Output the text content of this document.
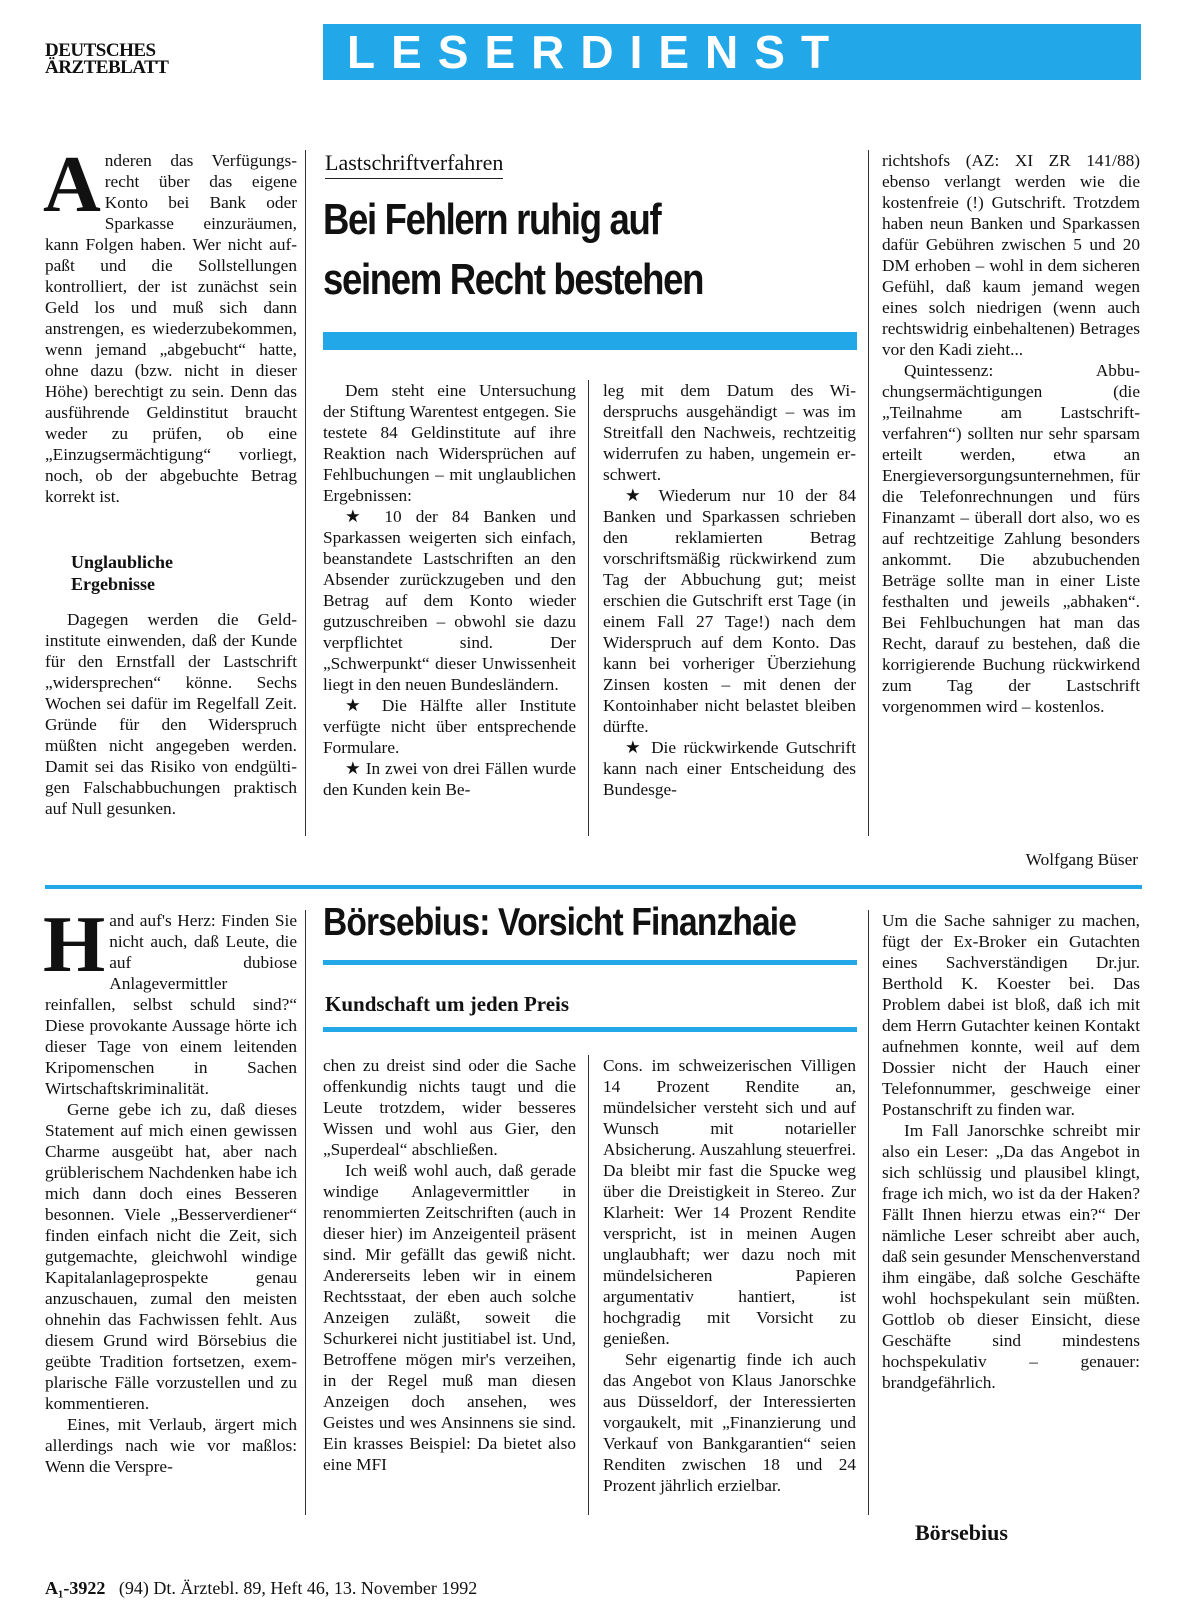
DEUTSCHES
ÄRZTEBLATT	LESERDIENST

Anderen das Verfügungsrecht über das eigene Konto bei Bank oder Sparkasse einzuräumen, kann Folgen haben. Wer nicht aufpaßt und die Sollstellungen kontrolliert, der ist zunächst sein Geld los und muß sich dann anstrengen, es wiederzubekommen, wenn jemand „abgebucht“ hatte, ohne dazu (bzw. nicht in dieser Höhe) berechtigt zu sein. Denn das ausführende Geldinstitut braucht weder zu prüfen, ob eine „Einzugsermächtigung“ vorliegt, noch, ob der abgebuchte Betrag korrekt ist.

Unglaubliche
Ergebnisse

Dagegen werden die Geldinstitute einwenden, daß der Kunde für den Ernstfall der Lastschrift „widersprechen“ könne. Sechs Wochen sei dafür im Regelfall Zeit. Gründe für den Widerspruch müßten nicht angegeben werden. Damit sei das Risiko von endgültigen Falschabbuchungen praktisch auf Null gesunken.

Lastschriftverfahren
Bei Fehlern ruhig auf
seinem Recht bestehen

Dem steht eine Untersuchung der Stiftung Warentest entgegen. Sie testete 84 Geldinstitute auf ihre Reaktion nach Widersprüchen auf Fehlbuchungen – mit unglaublichen Ergebnissen:

★ 10 der 84 Banken und Sparkassen weigerten sich einfach, beanstandete Lastschriften an den Absender zurückzugeben und den Betrag auf dem Konto wieder gutzuschreiben – obwohl sie dazu verpflichtet sind. Der „Schwerpunkt“ dieser Unwissenheit liegt in den neuen Bundesländern.

★ Die Hälfte aller Institute verfügte nicht über entsprechende Formulare.

★ In zwei von drei Fällen wurde den Kunden kein Be-

leg mit dem Datum des Widerspruchs ausgehändigt – was im Streitfall den Nachweis, rechtzeitig widerrufen zu haben, ungemein erschwert.

★ Wiederum nur 10 der 84 Banken und Sparkassen schrieben den reklamierten Betrag vorschriftsmäßig rückwirkend zum Tag der Abbuchung gut; meist erschien die Gutschrift erst Tage (in einem Fall 27 Tage!) nach dem Widerspruch auf dem Konto. Das kann bei vorheriger Überziehung Zinsen kosten – mit denen der Kontoinhaber nicht belastet bleiben dürfte.

★ Die rückwirkende Gutschrift kann nach einer Entscheidung des Bundesge-

richtshofs (AZ: XI ZR 141/88) ebenso verlangt werden wie die kostenfreie (!) Gutschrift. Trotzdem haben neun Banken und Sparkassen dafür Gebühren zwischen 5 und 20 DM erhoben – wohl in dem sicheren Gefühl, daß kaum jemand wegen eines solch niedrigen (wenn auch rechtswidrig einbehaltenen) Betrages vor den Kadi zieht...

Quintessenz: Abbuchungsermächtigungen (die „Teilnahme am Lastschriftverfahren“) sollten nur sehr sparsam erteilt werden, etwa an Energieversorgungsunternehmen, für die Telefonrechnungen und fürs Finanzamt – überall dort also, wo es auf rechtzeitige Zahlung besonders ankommt. Die abzubuchenden Beträge sollte man in einer Liste festhalten und jeweils „abhaken“. Bei Fehlbuchungen hat man das Recht, darauf zu bestehen, daß die korrigierende Buchung rückwirkend zum Tag der Lastschrift vorgenommen wird – kostenlos.

Wolfgang Büser

Hand auf's Herz: Finden Sie nicht auch, daß Leute, die auf dubiose Anlagevermittler reinfallen, selbst schuld sind?“ Diese provokante Aussage hörte ich dieser Tage von einem leitenden Kripomenschen in Sachen Wirtschaftskriminalität.

Gerne gebe ich zu, daß dieses Statement auf mich einen gewissen Charme ausgeübt hat, aber nach grüblerischem Nachdenken habe ich mich dann doch eines Besseren besonnen. Viele „Besserverdiener“ finden einfach nicht die Zeit, sich gutgemachte, gleichwohl windige Kapitalanlageprospekte genau anzuschauen, zumal den meisten ohnehin das Fachwissen fehlt. Aus diesem Grund wird Börsebius die geübte Tradition fortsetzen, exemplarische Fälle vorzustellen und zu kommentieren.

Eines, mit Verlaub, ärgert mich allerdings nach wie vor maßlos: Wenn die Verspre-

Börsebius: Vorsicht Finanzhaie
Kundschaft um jeden Preis

chen zu dreist sind oder die Sache offenkundig nichts taugt und die Leute trotzdem, wider besseres Wissen und wohl aus Gier, den „Superdeal“ abschließen.

Ich weiß wohl auch, daß gerade windige Anlagevermittler in renommierten Zeitschriften (auch in dieser hier) im Anzeigenteil präsent sind. Mir gefällt das gewiß nicht. Andererseits leben wir in einem Rechtsstaat, der eben auch solche Anzeigen zuläßt, soweit die Schurkerei nicht justitiabel ist. Und, Betroffene mögen mir's verzeihen, in der Regel muß man diesen Anzeigen doch ansehen, wes Geistes und wes Ansinnens sie sind. Ein krasses Beispiel: Da bietet also eine MFI

Cons. im schweizerischen Villigen 14 Prozent Rendite an, mündelsicher versteht sich und auf Wunsch mit notarieller Absicherung. Auszahlung steuerfrei. Da bleibt mir fast die Spucke weg über die Dreistigkeit in Stereo. Zur Klarheit: Wer 14 Prozent Rendite verspricht, ist in meinen Augen unglaubhaft; wer dazu noch mit mündelsicheren Papieren argumentativ hantiert, ist hochgradig mit Vorsicht zu genießen.

Sehr eigenartig finde ich auch das Angebot von Klaus Janorschke aus Düsseldorf, der Interessierten vorgaukelt, mit „Finanzierung und Verkauf von Bankgarantien“ seien Renditen zwischen 18 und 24 Prozent jährlich erzielbar.

Um die Sache sahniger zu machen, fügt der Ex-Broker ein Gutachten eines Sachverständigen Dr.jur. Berthold K. Koester bei. Das Problem dabei ist bloß, daß ich mit dem Herrn Gutachter keinen Kontakt aufnehmen konnte, weil auf dem Dossier nicht der Hauch einer Telefonnummer, geschweige einer Postanschrift zu finden war.

Im Fall Janorschke schreibt mir also ein Leser: „Da das Angebot in sich schlüssig und plausibel klingt, frage ich mich, wo ist da der Haken? Fällt Ihnen hierzu etwas ein?“ Der nämliche Leser schreibt aber auch, daß sein gesunder Menschenverstand ihm eingäbe, daß solche Geschäfte wohl hochspekulant sein müßten. Gottlob ob dieser Einsicht, diese Geschäfte sind mindestens hochspekulativ – genauer: brandgefährlich.

Börsebius
A₁-3922 (94) Dt. Ärztebl. 89, Heft 46, 13. November 1992
